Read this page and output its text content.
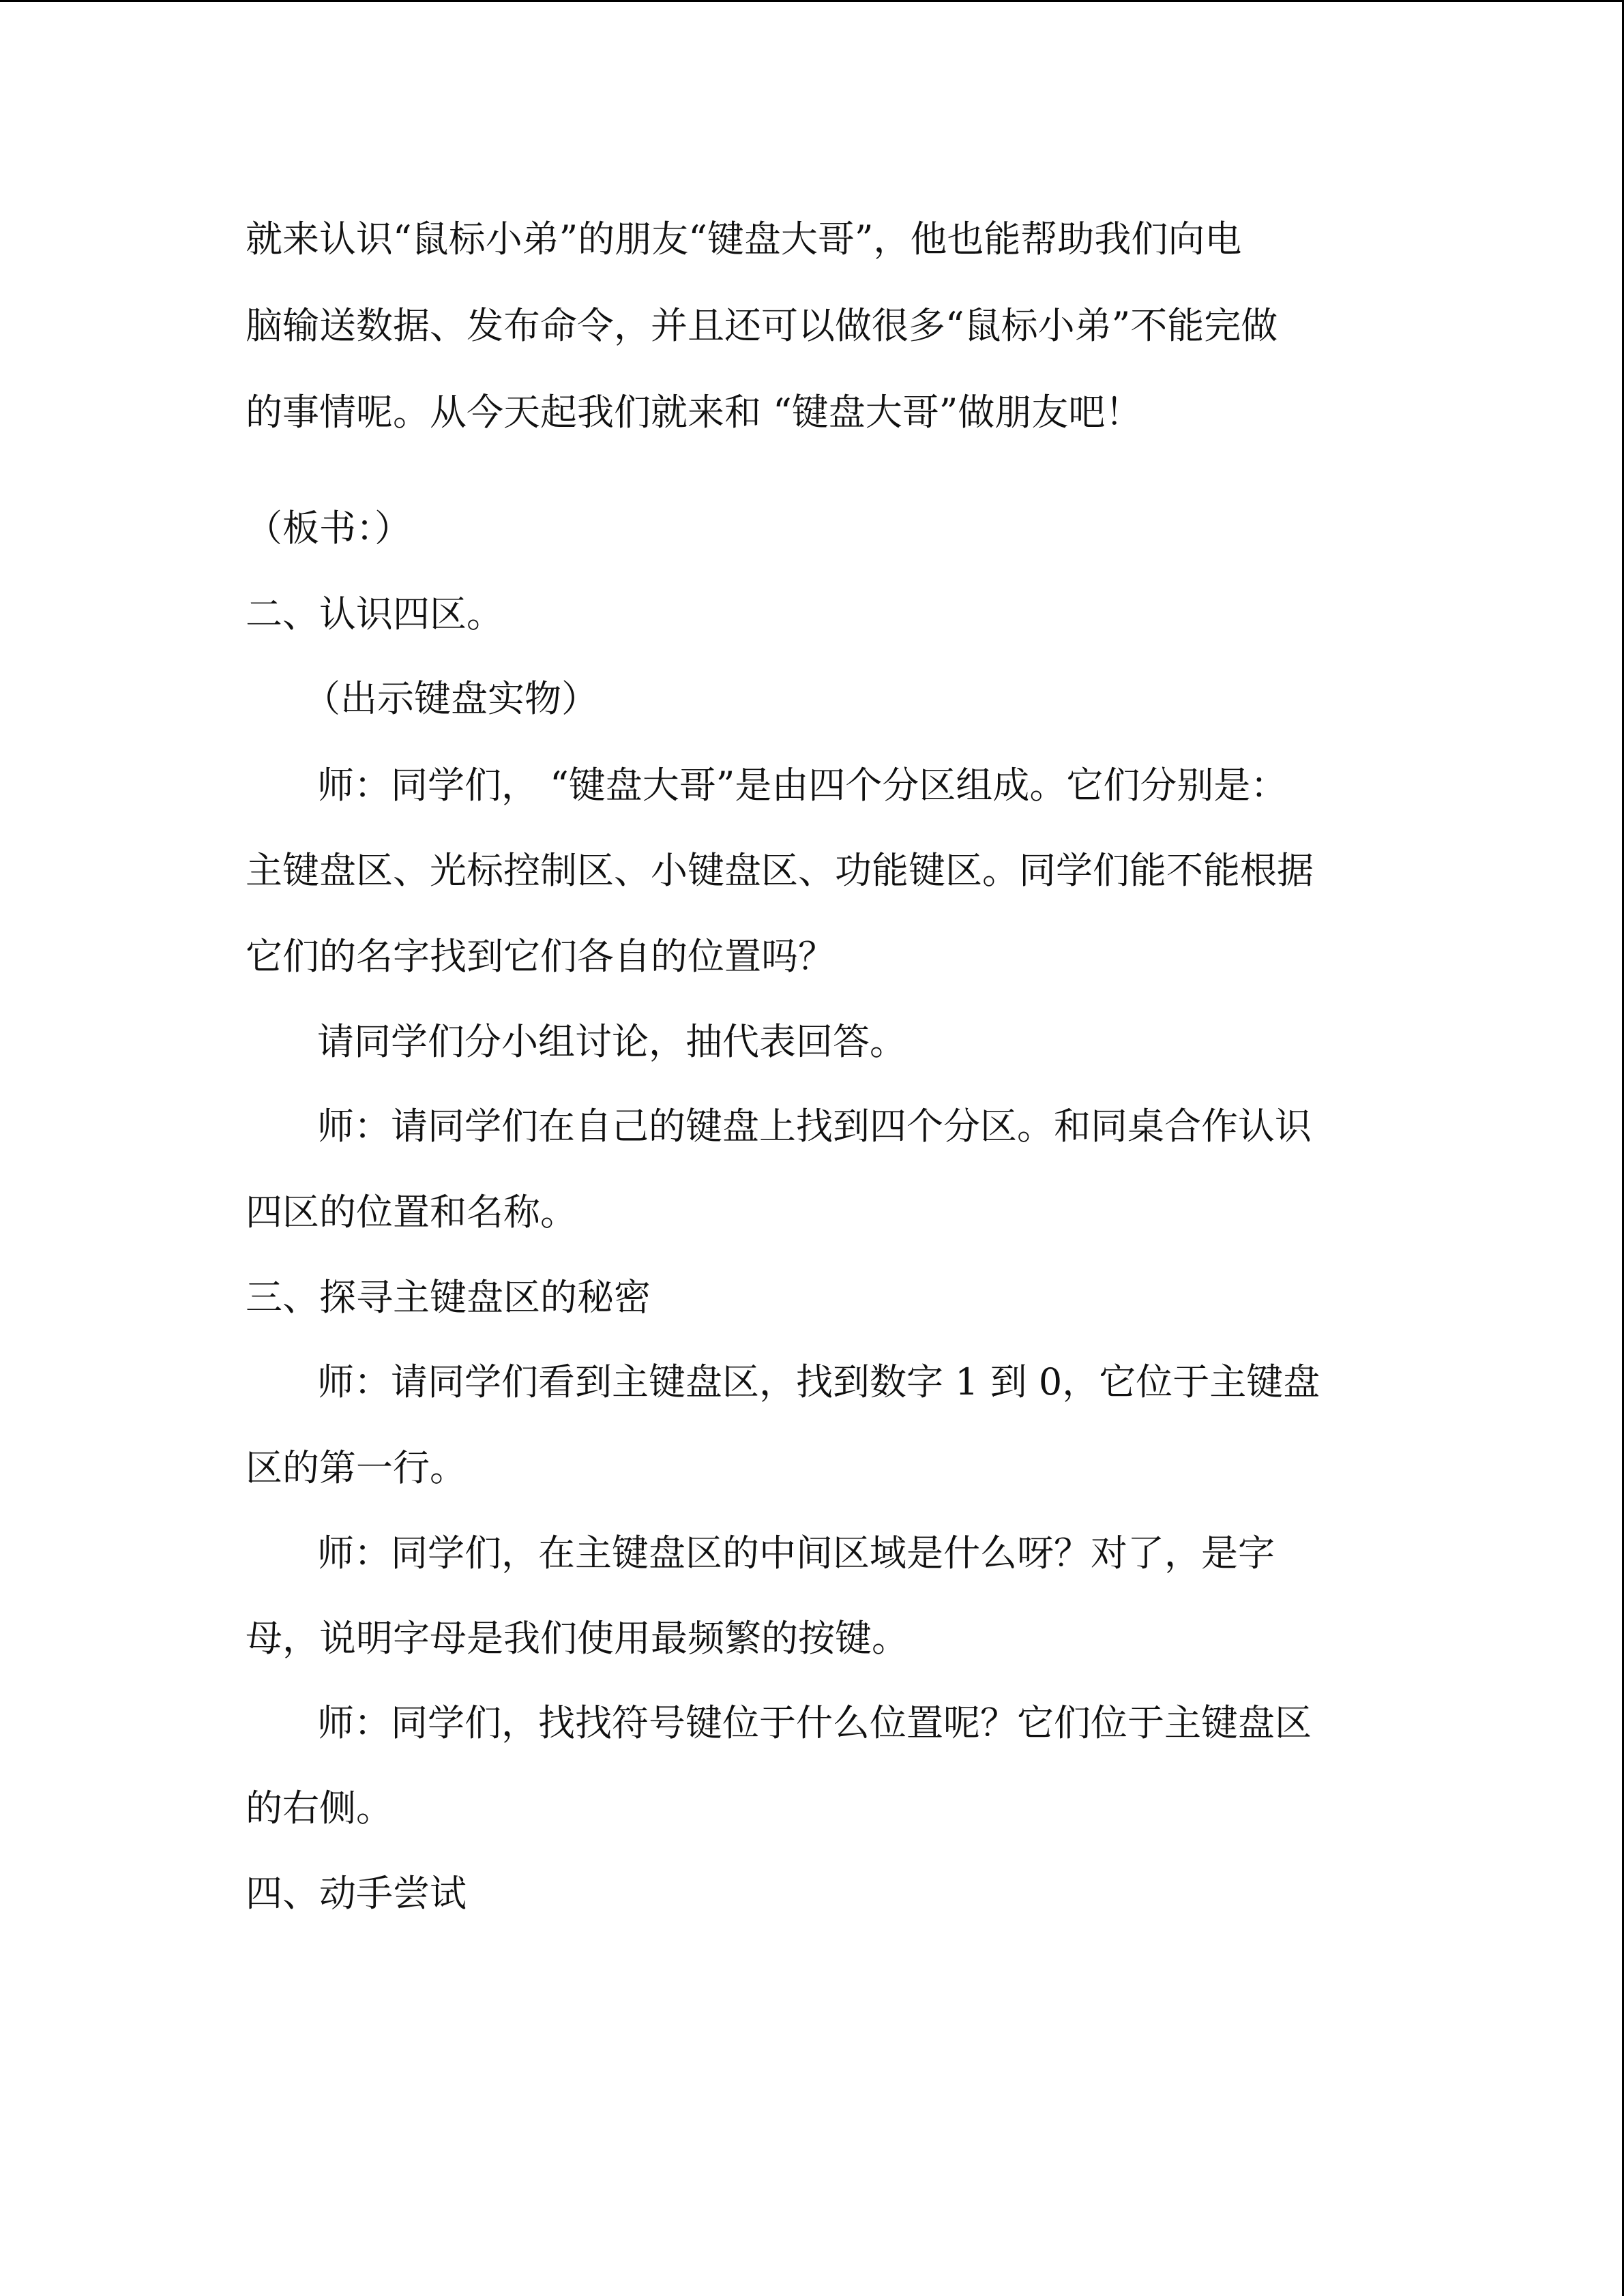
就来认识“鼠标小弟”的朋友“键盘大哥”，他也能帮助我们向电
脑输送数据、发布命令，并且还可以做很多“鼠标小弟”不能完做
的事情呢。从今天起我们就来和 “键盘大哥”做朋友吧！
（板书：）
二、认识四区。
（出示键盘实物）
师：同学们， “键盘大哥”是由四个分区组成。它们分别是：
主键盘区、光标控制区、小键盘区、功能键区。同学们能不能根据
它们的名字找到它们各自的位置吗？
请同学们分小组讨论，抽代表回答。
师：请同学们在自己的键盘上找到四个分区。和同桌合作认识
四区的位置和名称。
三、探寻主键盘区的秘密
师：请同学们看到主键盘区，找到数字 1 到 0，它位于主键盘
区的第一行。
师：同学们，在主键盘区的中间区域是什么呀？对了，是字
母，说明字母是我们使用最频繁的按键。
师：同学们，找找符号键位于什么位置呢？它们位于主键盘区
的右侧。
四、动手尝试
